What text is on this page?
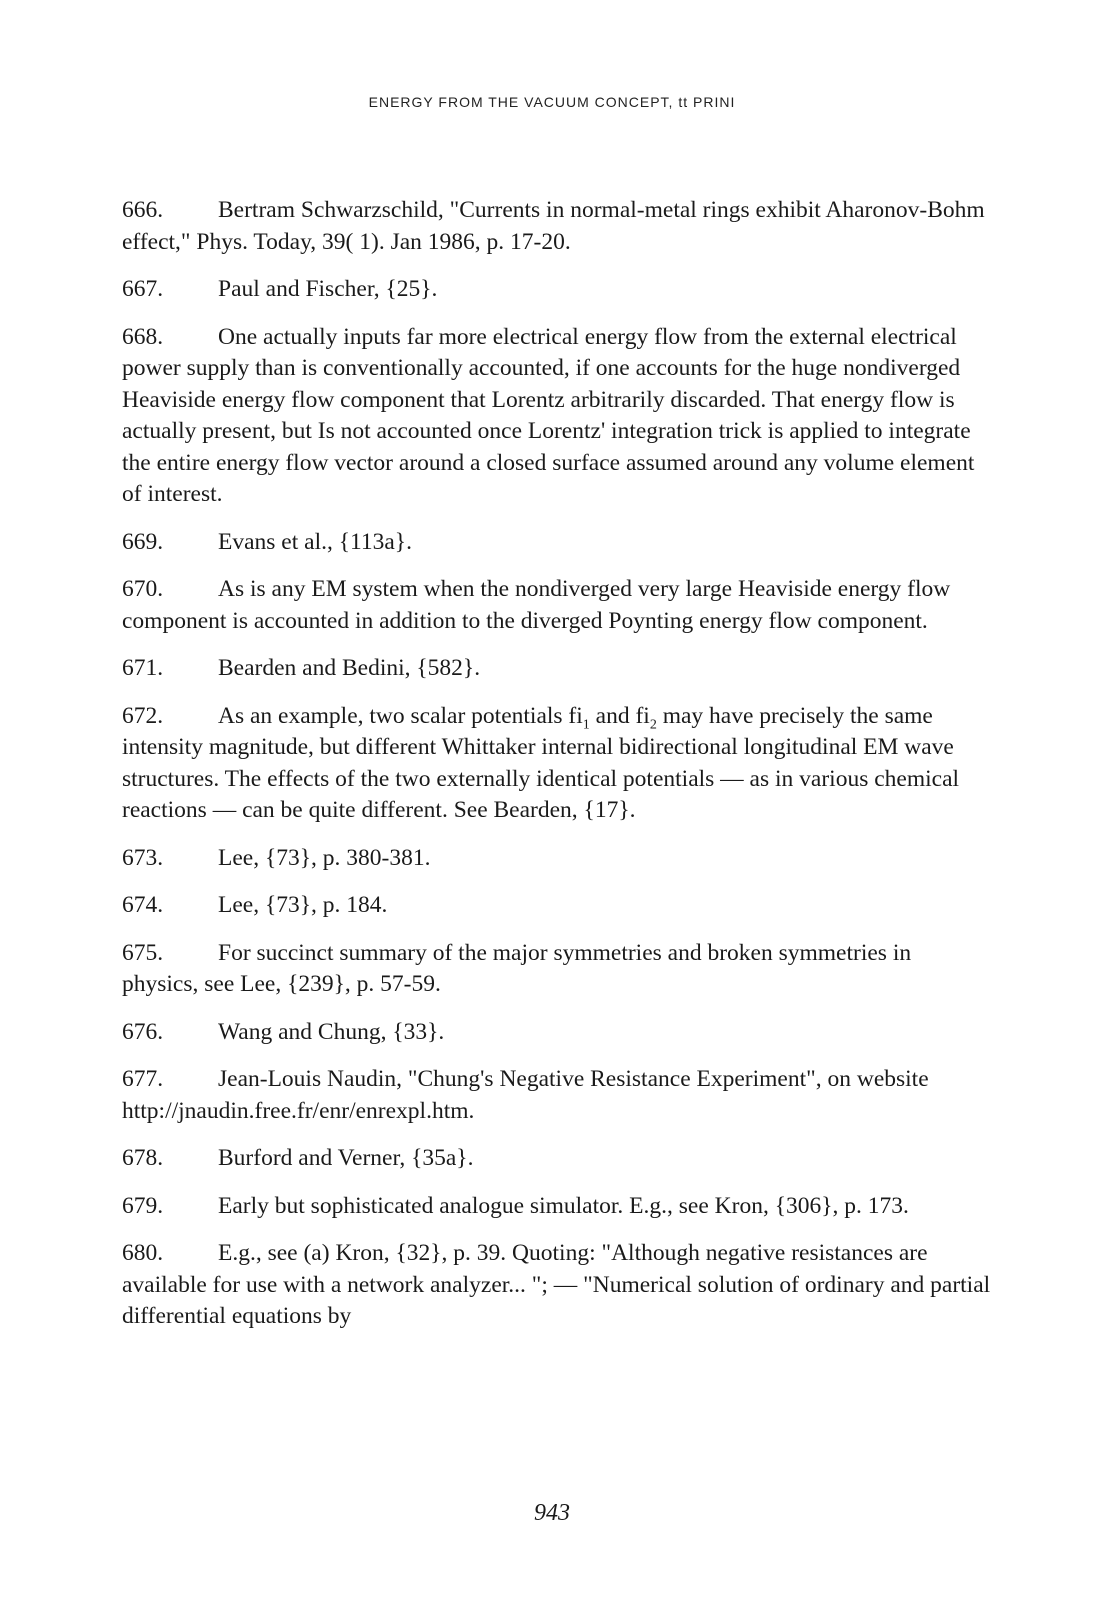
ENERGY FROM THE VACUUM CONCEPT, tt PRINI

666. Bertram Schwarzschild, "Currents in normal-metal rings exhibit Aharonov-Bohm effect," Phys. Today, 39( 1). Jan 1986, p. 17-20.

667. Paul and Fischer, {25}.

668. One actually inputs far more electrical energy flow from the external electrical power supply than is conventionally accounted, if one accounts for the huge nondiverged Heaviside energy flow component that Lorentz arbitrarily discarded. That energy flow is actually present, but Is not accounted once Lorentz' integration trick is applied to integrate the entire energy flow vector around a closed surface assumed around any volume element of interest.

669. Evans et al., {113a}.

670. As is any EM system when the nondiverged very large Heaviside energy flow component is accounted in addition to the diverged Poynting energy flow component.

671. Bearden and Bedini, {582}.

672. As an example, two scalar potentials $fi_1$ and $fi_2$ may have precisely the same intensity magnitude, but different Whittaker internal bidirectional longitudinal EM wave structures. The effects of the two externally identical potentials — as in various chemical reactions — can be quite different. See Bearden, {17}.

673. Lee, {73}, p. 380-381.

674. Lee, {73}, p. 184.

675. For succinct summary of the major symmetries and broken symmetries in physics, see Lee, {239}, p. 57-59.

676. Wang and Chung, {33}.

677. Jean-Louis Naudin, "Chung's Negative Resistance Experiment", on website http://jnaudin.free.fr/enr/enrexpl.htm.

678. Burford and Verner, {35a}.

679. Early but sophisticated analogue simulator. E.g., see Kron, {306}, p. 173.

680. E.g., see (a) Kron, {32}, p. 39. Quoting: "Although negative resistances are available for use with a network analyzer... "; — "Numerical solution of ordinary and partial differential equations by

943
